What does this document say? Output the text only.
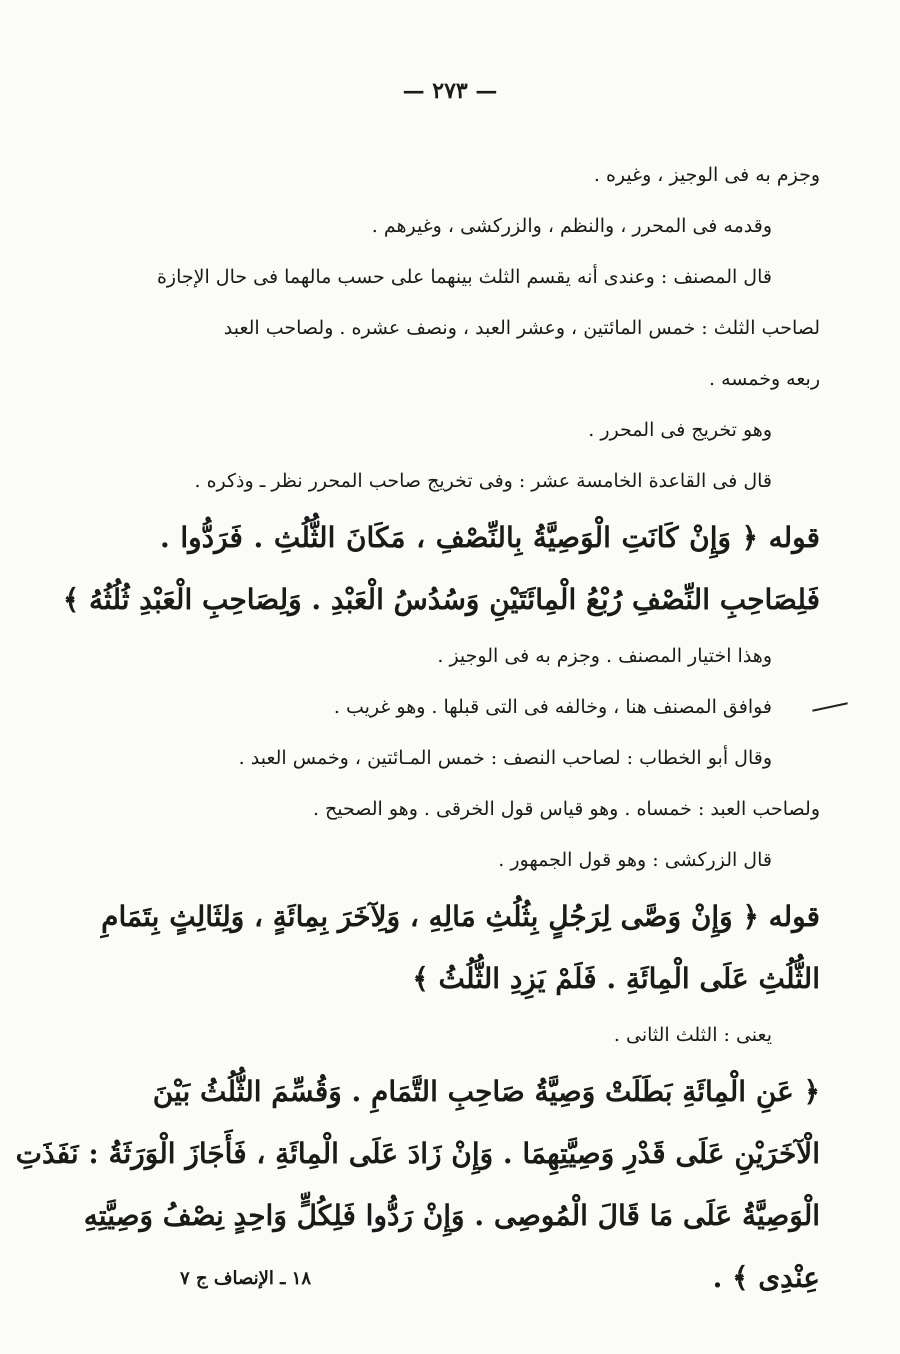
— ٢٧٣ —
وجزم به فى الوجيز ، وغيره .
وقدمه فى المحرر ، والنظم ، والزركشى ، وغيرهم .
قال المصنف : وعندى أنه يقسم الثلث بينهما على حسب مالهما فى حال الإجازة
لصاحب الثلث : خمس المائتين ، وعشر العبد ، ونصف عشره . ولصاحب العبد
ربعه وخمسه .
وهو تخريج فى المحرر .
قال فى القاعدة الخامسة عشر : وفى تخريج صاحب المحرر نظر ـ وذكره .
قوله ﴿ وَإِنْ كَانَتِ الْوَصِيَّةُ بِالنِّصْفِ ، مَكَانَ الثُّلُثِ . فَرَدُّوا .
فَلِصَاحِبِ النِّصْفِ رُبْعُ الْمِائَتَيْنِ وَسُدُسُ الْعَبْدِ . وَلِصَاحِبِ الْعَبْدِ ثُلُثُهُ ﴾
وهذا اختيار المصنف . وجزم به فى الوجيز .
فوافق المصنف هنا ، وخالفه فى التى قبلها . وهو غريب .
وقال أبو الخطاب : لصاحب النصف : خمس المـائتين ، وخمس العبد .
ولصاحب العبد : خمساه . وهو قياس قول الخرقى . وهو الصحيح .
قال الزركشى : وهو قول الجمهور .
قوله ﴿ وَإِنْ وَصَّى لِرَجُلٍ بِثُلُثِ مَالِهِ ، وَلِآخَرَ بِمِائَةٍ ، وَلِثَالِثٍ بِتَمَامِ
الثُّلُثِ عَلَى الْمِائَةِ . فَلَمْ يَزِدِ الثُّلُثُ ﴾
يعنى : الثلث الثانى .
﴿ عَنِ الْمِائَةِ بَطَلَتْ وَصِيَّةُ صَاحِبِ التَّمَامِ . وَقُسِّمَ الثُّلُثُ بَيْنَ
الْآخَرَيْنِ عَلَى قَدْرِ وَصِيَّتِهِمَا . وَإِنْ زَادَ عَلَى الْمِائَةِ ، فَأَجَازَ الْوَرَثَةُ : نَفَذَتِ
الْوَصِيَّةُ عَلَى مَا قَالَ الْمُوصِى . وَإِنْ رَدُّوا فَلِكُلٍّ وَاحِدٍ نِصْفُ وَصِيَّتِهِ
عِنْدِى ﴾ .
١٨ ـ الإنصاف ج ٧
